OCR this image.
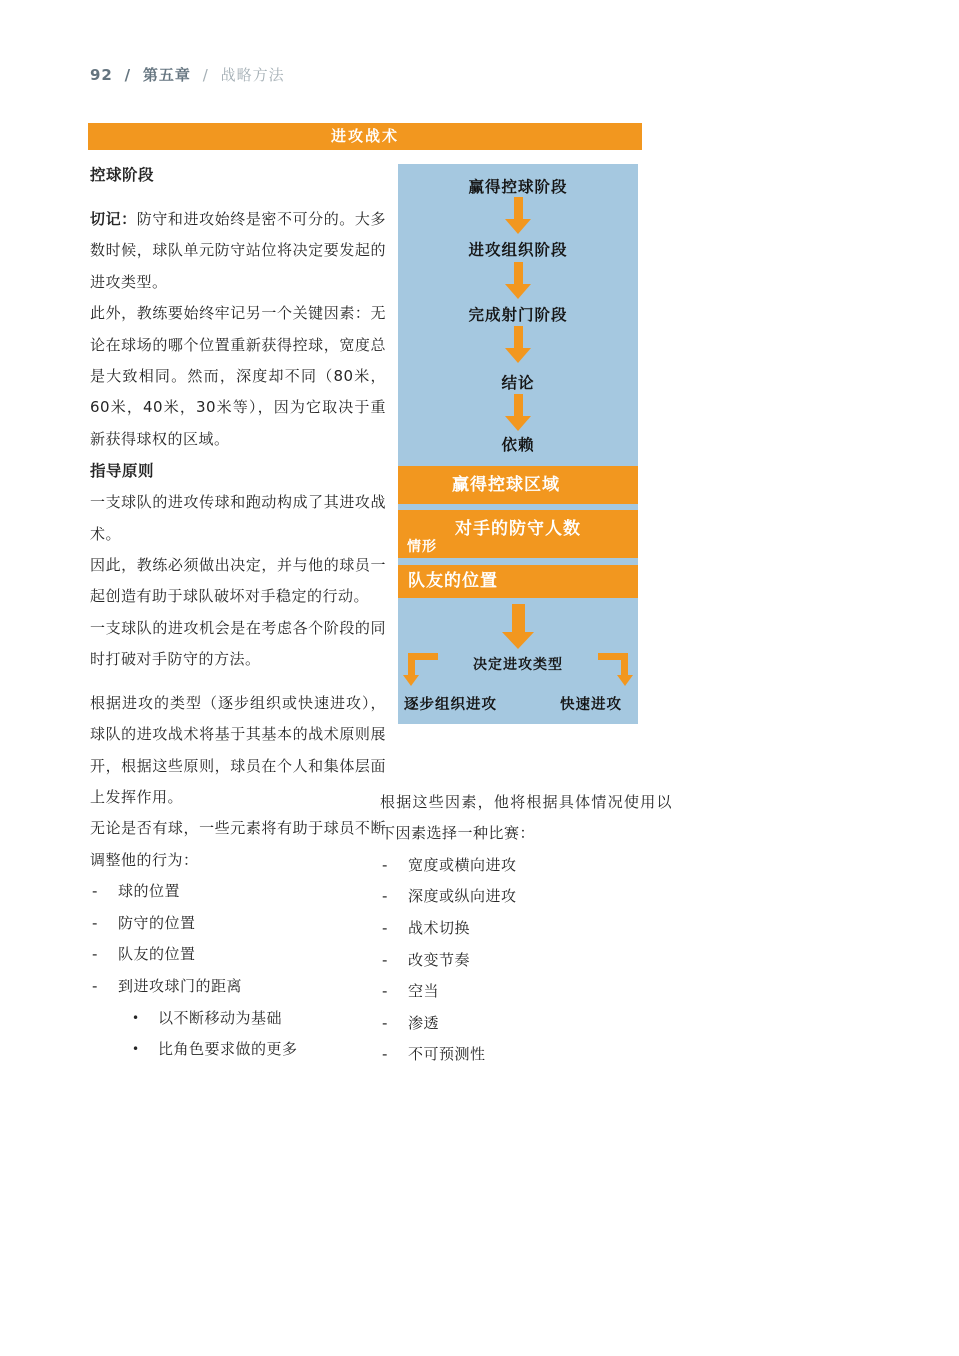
92 / 第五章 / 战略方法
进攻战术
控球阶段

切记：防守和进攻始终是密不可分的。大多数时候，球队单元防守站位将决定要发起的进攻类型。

此外，教练要始终牢记另一个关键因素：无论在球场的哪个位置重新获得控球，宽度总是大致相同。然而，深度却不同（80米，60米，40米，30米等），因为它取决于重新获得球权的区域。

指导原则

一支球队的进攻传球和跑动构成了其进攻战术。

因此，教练必须做出决定，并与他的球员一起创造有助于球队破坏对手稳定的行动。

一支球队的进攻机会是在考虑各个阶段的同时打破对手防守的方法。

根据进攻的类型（逐步组织或快速进攻），球队的进攻战术将基于其基本的战术原则展开，根据这些原则，球员在个人和集体层面上发挥作用。

无论是否有球，一些元素将有助于球员不断调整他的行为：

- 球的位置
- 防守的位置
- 队友的位置
- 到进攻球门的距离
• 以不断移动为基础
• 比角色要求做的更多
赢得控球阶段
进攻组织阶段
完成射门阶段
结论
依赖
赢得控球区域
对手的防守人数
情形
队友的位置
决定进攻类型
逐步组织进攻	快速进攻

根据这些因素，他将根据具体情况使用以下因素选择一种比赛：

- 宽度或横向进攻
- 深度或纵向进攻
- 战术切换
- 改变节奏
- 空当
- 渗透
- 不可预测性
